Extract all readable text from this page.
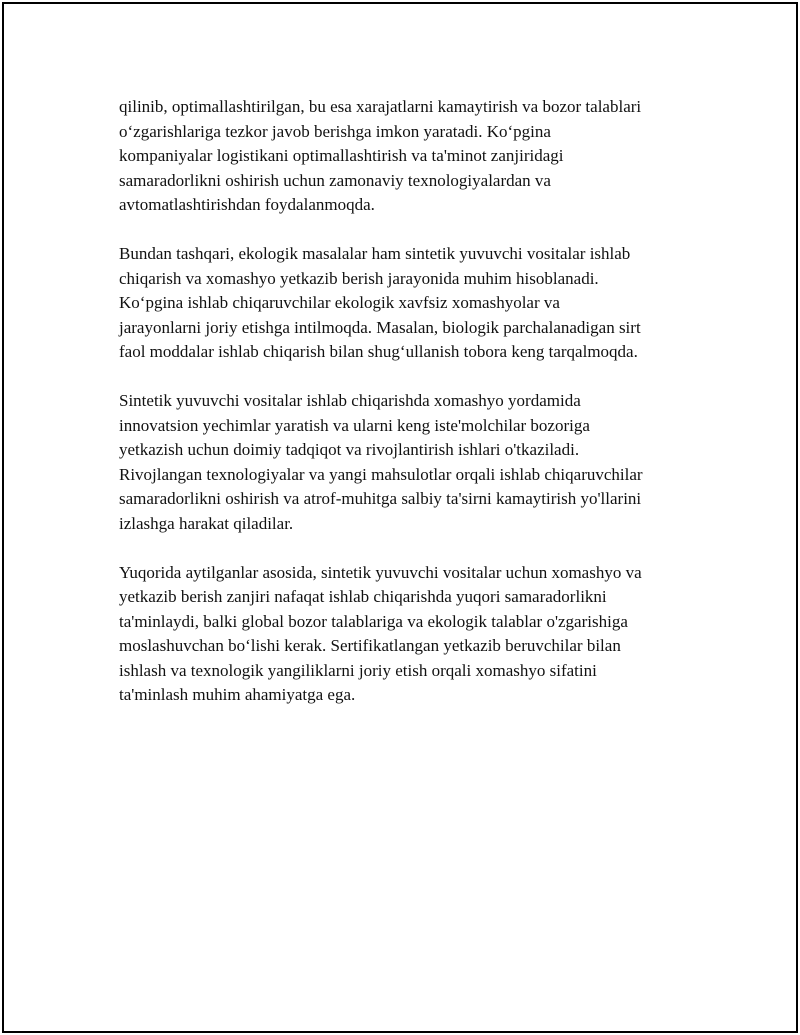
qilinib, optimallashtirilgan, bu esa xarajatlarni kamaytirish va bozor talablari
o‘zgarishlariga tezkor javob berishga imkon yaratadi. Ko‘pgina
kompaniyalar logistikani optimallashtirish va ta'minot zanjiridagi
samaradorlikni oshirish uchun zamonaviy texnologiyalardan va
avtomatlashtirishdan foydalanmoqda.

Bundan tashqari, ekologik masalalar ham sintetik yuvuvchi vositalar ishlab
chiqarish va xomashyo yetkazib berish jarayonida muhim hisoblanadi.
Ko‘pgina ishlab chiqaruvchilar ekologik xavfsiz xomashyolar va
jarayonlarni joriy etishga intilmoqda. Masalan, biologik parchalanadigan sirt
faol moddalar ishlab chiqarish bilan shug‘ullanish tobora keng tarqalmoqda.

Sintetik yuvuvchi vositalar ishlab chiqarishda xomashyo yordamida
innovatsion yechimlar yaratish va ularni keng iste'molchilar bozoriga
yetkazish uchun doimiy tadqiqot va rivojlantirish ishlari o'tkaziladi.
Rivojlangan texnologiyalar va yangi mahsulotlar orqali ishlab chiqaruvchilar
samaradorlikni oshirish va atrof-muhitga salbiy ta'sirni kamaytirish yo'llarini
izlashga harakat qiladilar.

Yuqorida aytilganlar asosida, sintetik yuvuvchi vositalar uchun xomashyo va
yetkazib berish zanjiri nafaqat ishlab chiqarishda yuqori samaradorlikni
ta'minlaydi, balki global bozor talablariga va ekologik talablar o'zgarishiga
moslashuvchan bo‘lishi kerak. Sertifikatlangan yetkazib beruvchilar bilan
ishlash va texnologik yangiliklarni joriy etish orqali xomashyo sifatini
ta'minlash muhim ahamiyatga ega.
